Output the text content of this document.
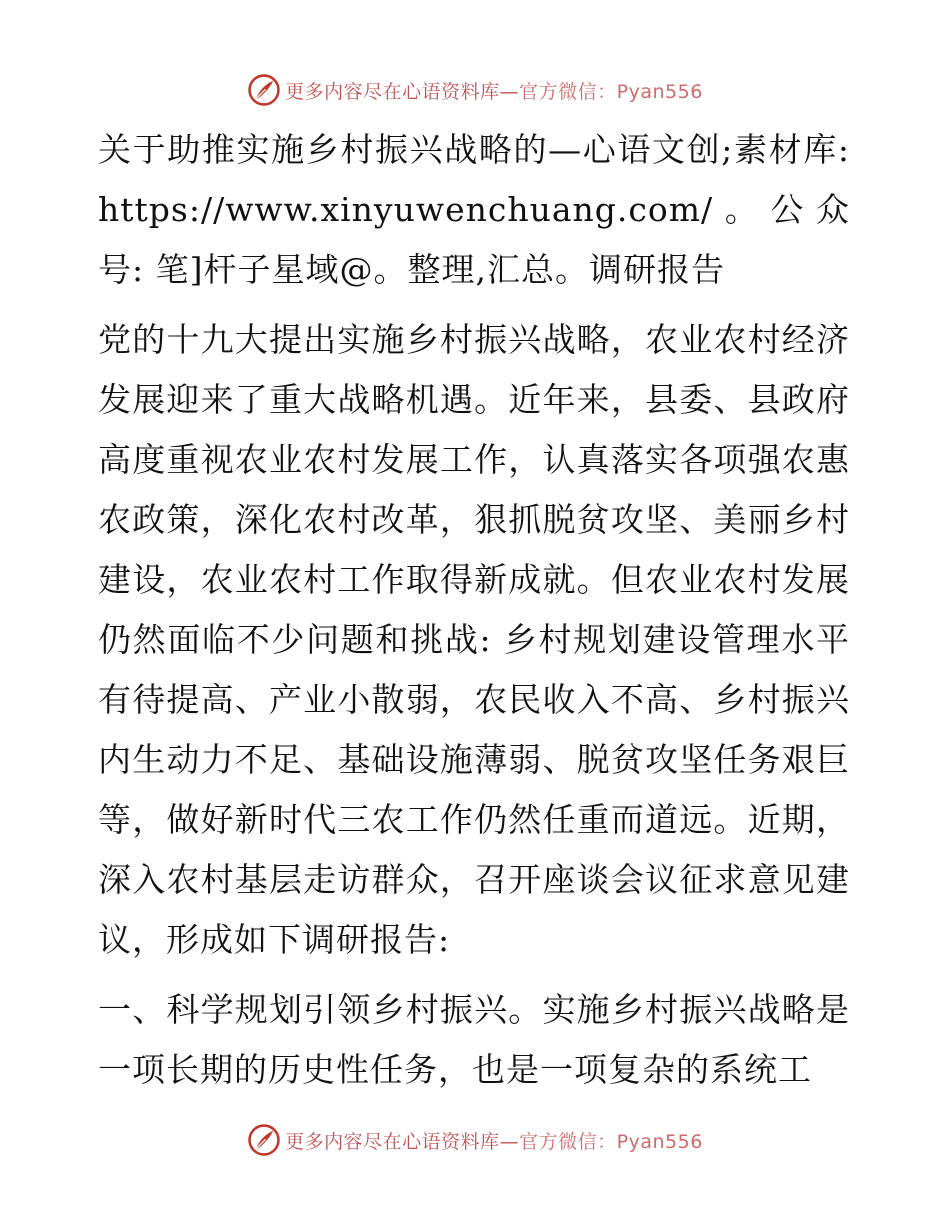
更多内容尽在心语资料库—官方微信：Pyan556

关于助推实施乡村振兴战略的—心语文创;素材库: https://www.xinyuwenchuang.com/。公众号: 笔]杆子星域@。整理,汇总。调研报告

党的十九大提出实施乡村振兴战略，农业农村经济发展迎来了重大战略机遇。近年来，县委、县政府高度重视农业农村发展工作，认真落实各项强农惠农政策，深化农村改革，狠抓脱贫攻坚、美丽乡村建设，农业农村工作取得新成就。但农业农村发展仍然面临不少问题和挑战: 乡村规划建设管理水平有待提高、产业小散弱，农民收入不高、乡村振兴内生动力不足、基础设施薄弱、脱贫攻坚任务艰巨等，做好新时代三农工作仍然任重而道远。近期，深入农村基层走访群众，召开座谈会议征求意见建议，形成如下调研报告:

一、科学规划引领乡村振兴。实施乡村振兴战略是一项长期的历史性任务，也是一项复杂的系统工

更多内容尽在心语资料库—官方微信：Pyan556
